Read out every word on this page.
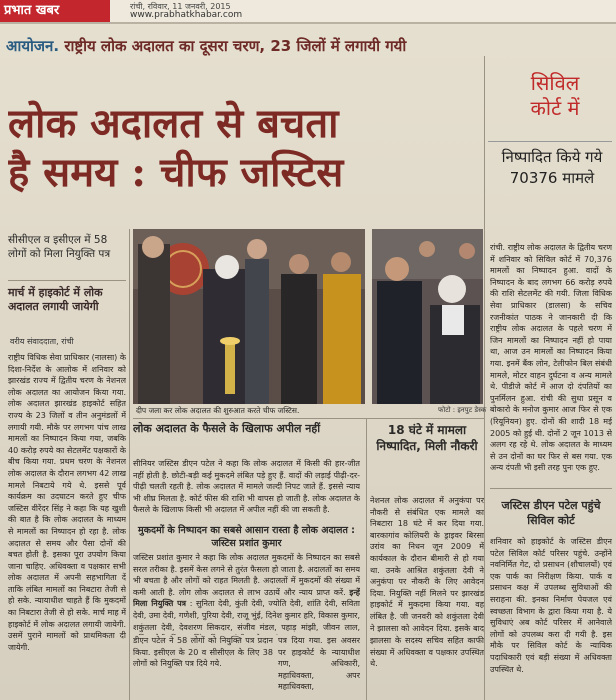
प्रभात खबर	रांची, रविवार, 11 जनवरी, 2015
www.prabhatkhabar.com
आयोजन. राष्ट्रीय लोक अदालत का दूसरा चरण, 23 जिलों में लगायी गयी
लोक अदालत से बचता
है समय : चीफ जस्टिस
सिविल
कोर्ट में
निष्पादित किये गये 70376 मामले
रांची. राष्ट्रीय लोक अदालत के द्वितीय चरण में शनिवार को सिविल कोर्ट में 70,376 मामलों का निष्पादन हुआ. वादों के निष्पादन के बाद लगभग 66 करोड़ रुपये की राशि सेटलमेंट की गयी. जिला विधिक सेवा प्राधिकार (डालसा) के सचिव रजनीकांत पाठक ने जानकारी दी कि राष्ट्रीय लोक अदालत के पहले चरण में जिन मामलों का निष्पादन नहीं हो पाया था, आज उन मामलों का निष्पादन किया गया. इनमें बैंक लोन, टेलीफोन बिल संबंधी मामले, मोटर वाहन दुर्घटना व अन्य मामले थे. पीडीजे कोर्ट में आज दो दंपतियों का पुनर्मिलन हुआ. रांची की सुधा प्रसून व बोकारो के मनोज कुमार आज फिर से एक (रियूनियन) हुए. दोनों की शादी 18 मई 2005 को हुई थी. दोनों 2 जून 1013 से अलग रह रहे थे. लोक अदालत के माध्यम से उन दोनों का घर फिर से बस गया. एक अन्य दंपती भी इसी तरह पुनः एक हुए.
सीसीएल व इसीएल में 58 लोगों को मिला नियुक्ति पत्र
मार्च में हाइकोर्ट में लोक अदालत लगायी जायेगी
वरीय संवाददाता, रांची
राष्ट्रीय विधिक सेवा प्राधिकार (नालसा) के दिशा-निर्देश के आलोक में शनिवार को झारखंड राज्य में द्वितीय चरण के नेशनल लोक अदालत का आयोजन किया गया. लोक अदालत झारखंड हाइकोर्ट सहित राज्य के 23 जिलों व तीन अनुमंडलों में लगायी गयी. मौके पर लगभग पांच लाख मामलों का निष्पादन किया गया, जबकि 40 करोड़ रुपये का सेटलमेंट पक्षकारों के बीच किया गया. प्रथम चरण के नेशनल लोक अदालत के दौरान लगभग 42 लाख मामले निबटाये गये थे. इससे पूर्व कार्यक्रम का उदघाटन करते हुए चीफ जस्टिस वीरेंदर सिंह ने कहा कि यह खुशी की बात है कि लोक अदालत के माध्यम से मामलों का निष्पादन हो रहा है. लोक अदालत से समय और पैसा दोनों की बचत होती है. इसका पूरा उपयोग किया जाना चाहिए. अधिवक्ता व पक्षकार सभी लोक अदालत में अपनी सहभागिता दें ताकि लंबित मामलों का निबटारा तेजी से हो सके. न्यायाधीश चाहते हैं कि मुकदमों का निबटारा तेजी से हो सके. मार्च माह में हाइकोर्ट में लोक अदालत लगायी जायेगी. उसमें पुराने मामलों को प्राथमिकता दी जायेगी.
दीप जला कर लोक अदालत की शुरुआत करते चीफ जस्टिस.	फोटो : इनपुट डेस्क
लोक अदालत के फैसले के खिलाफ अपील नहीं
सीनियर जस्टिस डीएन पटेल ने कहा कि लोक अदालत में किसी की हार-जीत नहीं होती है. छोटी-बड़ी कई मुकदमे लंबित पड़े हुए हैं. वादों की लड़ाई पीढ़ी-दर-पीढ़ी चलती रहती है. लोक अदालत में मामले जल्दी निपट जाते हैं. इससे न्याय भी शीघ्र मिलता है. कोर्ट फीस की राशि भी वापस हो जाती है. लोक अदालत के फैसले के खिलाफ किसी भी अदालत में अपील नहीं की जा सकती है.
मुकदमों के निष्पादन का सबसे आसान रास्ता है लोक अदालत : जस्टिस प्रशांत कुमार
जस्टिस प्रशांत कुमार ने कहा कि लोक अदालत मुकदमों के निष्पादन का सबसे सरल तरीका है. इसमें केस लगने से तुरंत फैसला हो जाता है. अदालतों का समय भी बचता है और लोगों को राहत मिलती है. अदालतों में मुकदमों की संख्या में कमी आती है. लोग लोक अदालत से लाभ उठायें और न्याय प्राप्त करें. इन्हें मिला नियुक्ति पत्र : सुनिता देवी, कुंती देवी, ज्योति देवी, शांति देवी, सविता देवी, उमा देवी, गणेशी, पुरिया देवी, राजू भुंई, दिनेश कुमार हरि, विकास कुमार, शकुंतला देवी, देवशरण सिकदार, संजीव मंडल, पहाड़ मांझी, जीवन लाल,
डीएन पटेल ने 58 लोगों को नियुक्ति पत्र प्रदान किया. इसीएल के 20 व सीसीएल के लिए 38 लोगों को नियुक्ति पत्र दिये गये.
पत्र दिया गया. इस अवसर पर हाइकोर्ट के न्यायाधीश गण, अधिकारी, महाधिवक्ता, अपर महाधिवक्ता,
18 घंटे में मामला निष्पादित, मिली नौकरी
नेशनल लोक अदालत में अनुकंपा पर नौकरी से संबंधित एक मामले का निबटारा 18 घंटे में कर दिया गया. बारकागांव कोलियरी के ड्राइवर बिरसा उरांव का निधन जून 2009 में कार्यकाल के दौरान बीमारी से हो गया था. उनके आश्रित शकुंतला देवी ने अनुकंपा पर नौकरी के लिए आवेदन दिया. नियुक्ति नहीं मिलने पर झारखंड हाइकोर्ट में मुकदमा किया गया. वह लंबित है. जी जनवरी को शकुंतला देवी ने झालसा को आवेदन दिया. इसके बाद
झालसा के सदस्य सचिव सहित काफी संख्या में अधिवक्ता व पक्षकार उपस्थित थे.
जस्टिस डीएन पटेल पहुंचे सिविल कोर्ट
शनिवार को हाइकोर्ट के जस्टिस डीएन पटेल सिविल कोर्ट परिसर पहुंचे. उन्होंने नवनिर्मित गेट, दो प्रसाधन (शौचालयों) एवं एक पार्क का निरीक्षण किया. पार्क व प्रसाधन कक्ष में उपलब्ध सुविधाओं की सराहना की. इनका निर्माण पेयजल एवं स्वच्छता विभाग के द्वारा किया गया है. ये सुविधाएं अब कोर्ट परिसर में आनेवाले लोगों को उपलब्ध करा दी गयी है. इस मौके पर सिविल कोर्ट के न्यायिक पदाधिकारी एवं बड़ी संख्या में अधिवक्ता उपस्थित थे.
